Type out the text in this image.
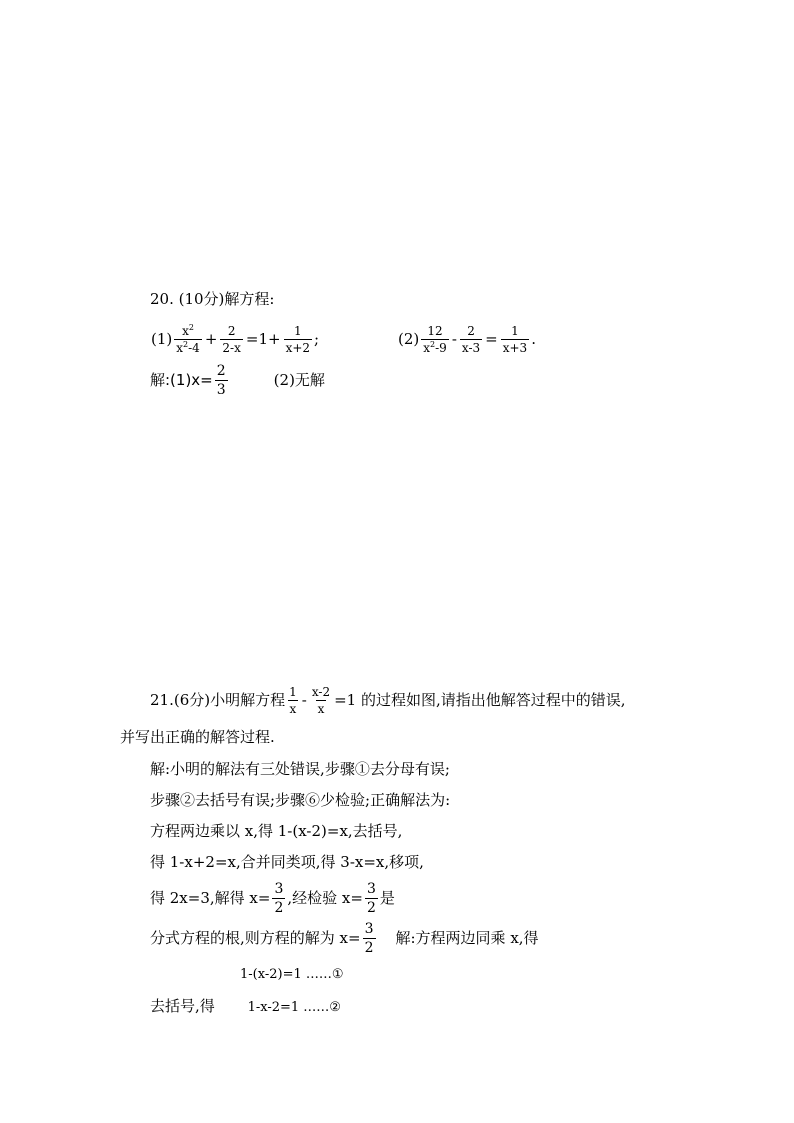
20. (10分)解方程:
$(1) \frac{x^2}{x^2-4} + \frac{2}{2-x} =1+ \frac{1}{x+2}$ ;	$(2) \frac{12}{x^2-9} - \frac{2}{x-3} = \frac{1}{x+3}$ .
解:(1)x= $\frac{2}{3}$	(2)无解
21.(6分)小明解方程 $\frac{1}{x} - \frac{x-2}{x} =1$ 的过程如图,请指出他解答过程中的错误,
并写出正确的解答过程.
解:小明的解法有三处错误,步骤①去分母有误;
步骤②去括号有误;步骤⑥少检验;正确解法为:
方程两边乘以 x,得 1-(x-2)=x,去括号,
得 1-x+2=x,合并同类项,得 3-x=x,移项,
得 2x=3,解得 $x= \frac{3}{2}$ ,经检验 $x= \frac{3}{2}$ 是
分式方程的根,则方程的解为 $x= \frac{3}{2}$ 解:方程两边同乘 x,得
1-(x-2)=1 ……①
去括号,得	1-x-2=1 ……②
